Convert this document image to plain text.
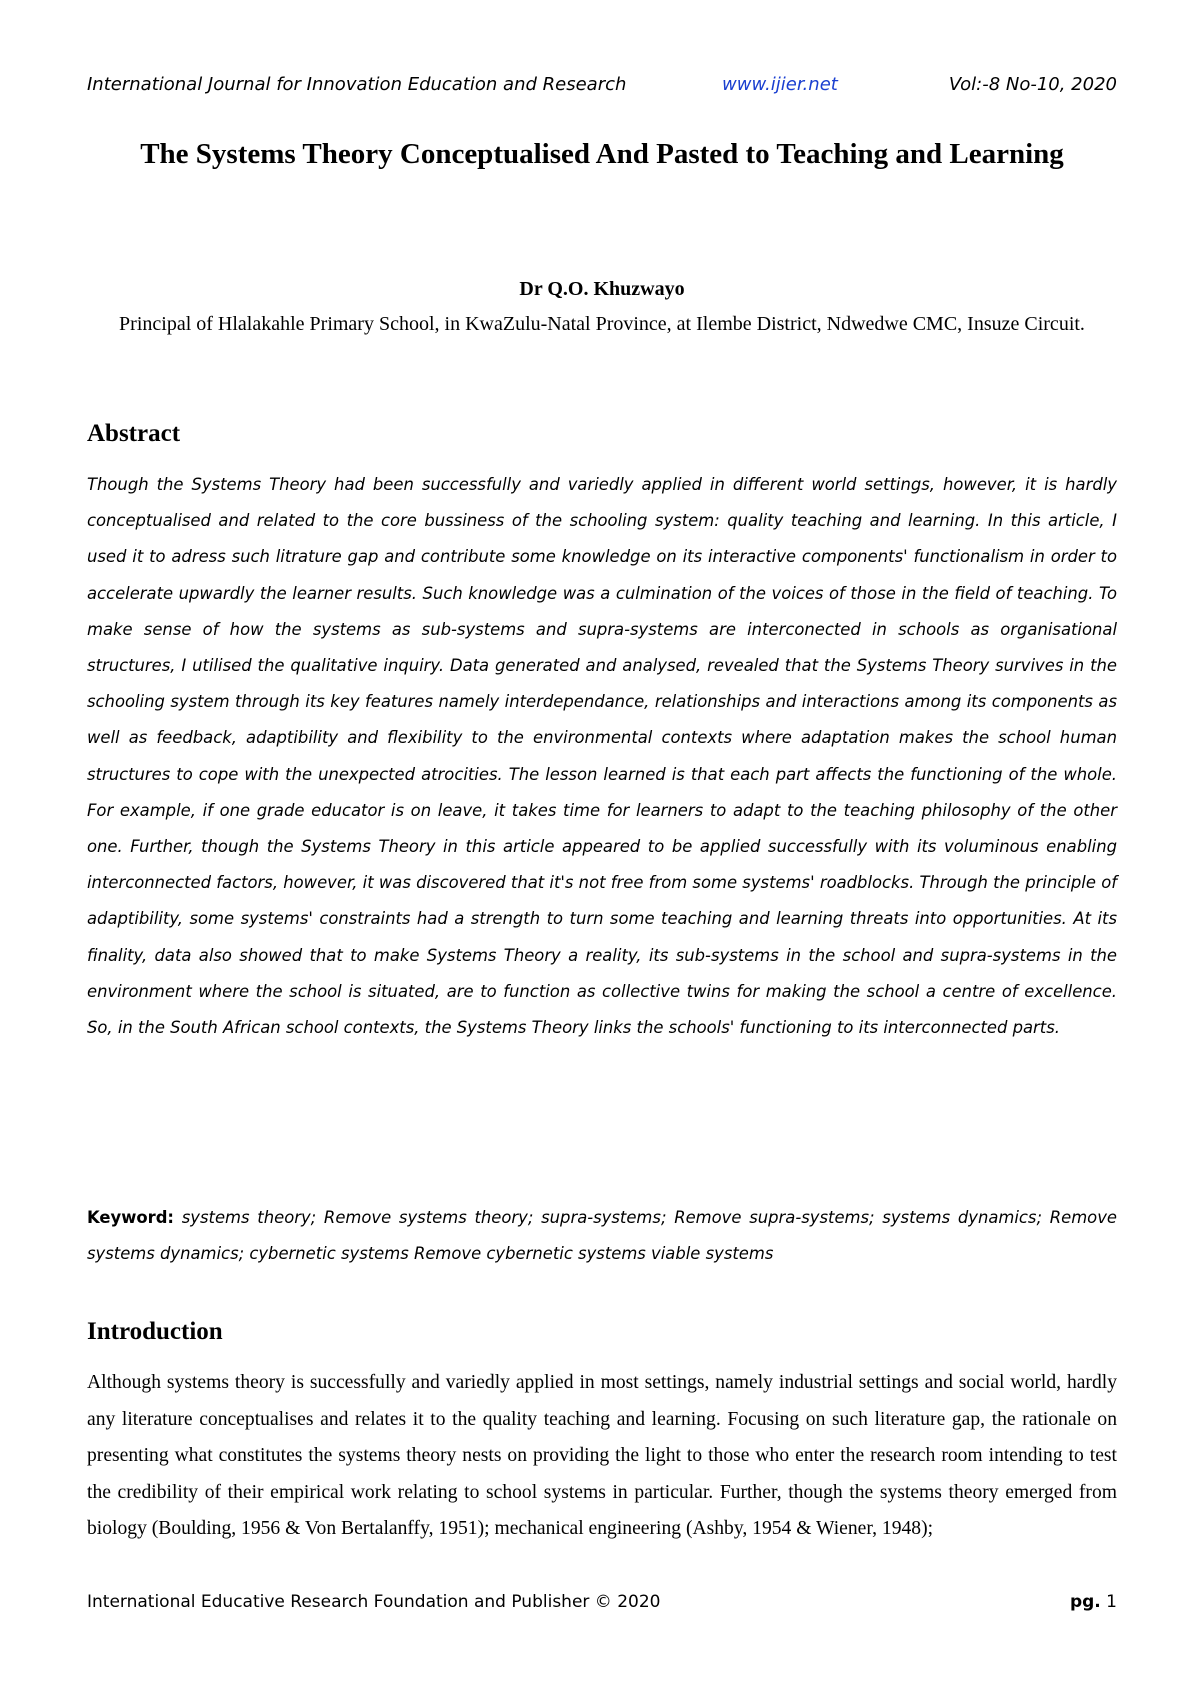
International Journal for Innovation Education and Research	www.ijier.net	Vol:-8 No-10, 2020
The Systems Theory Conceptualised And Pasted to Teaching and Learning
Dr Q.O. Khuzwayo
Principal of Hlalakahle Primary School, in KwaZulu-Natal Province, at Ilembe District, Ndwedwe CMC, Insuze Circuit.
Abstract

Though the Systems Theory had been successfully and variedly applied in different world settings, however, it is hardly conceptualised and related to the core bussiness of the schooling system: quality teaching and learning. In this article, I used it to adress such litrature gap and contribute some knowledge on its interactive components' functionalism in order to accelerate upwardly the learner results. Such knowledge was a culmination of the voices of those in the field of teaching. To make sense of how the systems as sub-systems and supra-systems are interconected in schools as organisational structures, I utilised the qualitative inquiry. Data generated and analysed, revealed that the Systems Theory survives in the schooling system through its key features namely interdependance, relationships and interactions among its components as well as feedback, adaptibility and flexibility to the environmental contexts where adaptation makes the school human structures to cope with the unexpected atrocities. The lesson learned is that each part affects the functioning of the whole. For example, if one grade educator is on leave, it takes time for learners to adapt to the teaching philosophy of the other one. Further, though the Systems Theory in this article appeared to be applied successfully with its voluminous enabling interconnected factors, however, it was discovered that it's not free from some systems' roadblocks. Through the principle of adaptibility, some systems' constraints had a strength to turn some teaching and learning threats into opportunities. At its finality, data also showed that to make Systems Theory a reality, its sub-systems in the school and supra-systems in the environment where the school is situated, are to function as collective twins for making the school a centre of excellence. So, in the South African school contexts, the Systems Theory links the schools' functioning to its interconnected parts.

Keyword: systems theory; Remove systems theory; supra-systems; Remove supra-systems; systems dynamics; Remove systems dynamics; cybernetic systems Remove cybernetic systems viable systems

Introduction

Although systems theory is successfully and variedly applied in most settings, namely industrial settings and social world, hardly any literature conceptualises and relates it to the quality teaching and learning. Focusing on such literature gap, the rationale on presenting what constitutes the systems theory nests on providing the light to those who enter the research room intending to test the credibility of their empirical work relating to school systems in particular. Further, though the systems theory emerged from biology (Boulding, 1956 & Von Bertalanffy, 1951); mechanical engineering (Ashby, 1954 & Wiener, 1948);

International Educative Research Foundation and Publisher © 2020	pg. 1
